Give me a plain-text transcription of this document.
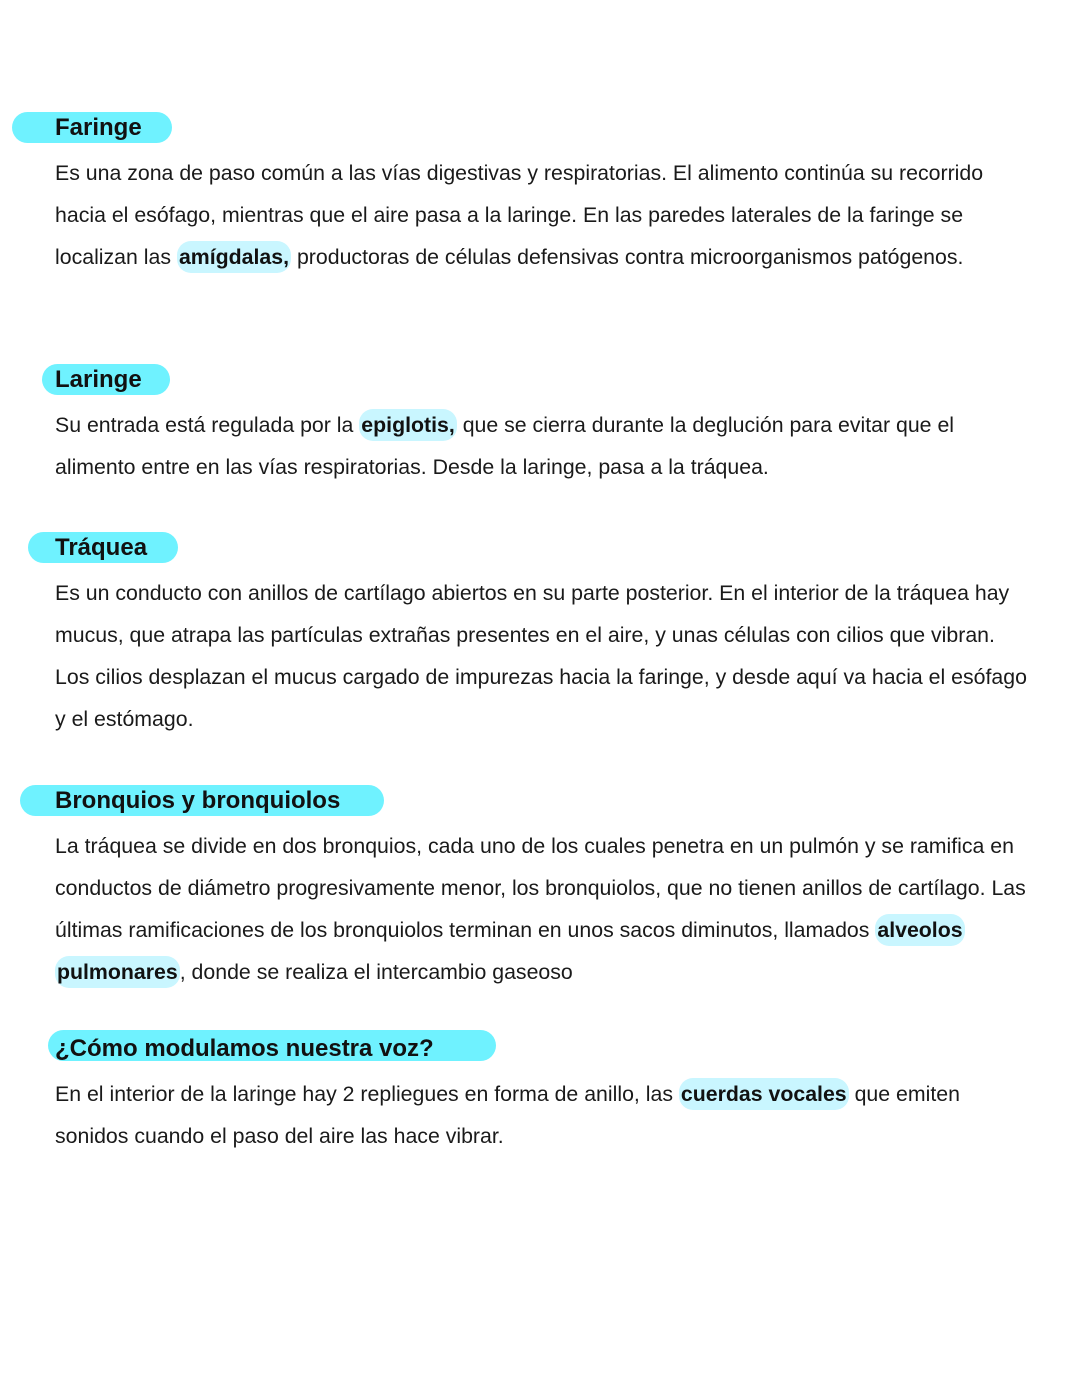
Faringe

Es una zona de paso común a las vías digestivas y respiratorias. El alimento continúa su recorrido hacia el esófago, mientras que el aire pasa a la laringe. En las paredes laterales de la faringe se localizan las amígdalas, productoras de células defensivas contra microorganismos patógenos.

Laringe

Su entrada está regulada por la epiglotis, que se cierra durante la deglución para evitar que el alimento entre en las vías respiratorias. Desde la laringe, pasa a la tráquea.

Tráquea

Es un conducto con anillos de cartílago abiertos en su parte posterior. En el interior de la tráquea hay mucus, que atrapa las partículas extrañas presentes en el aire, y unas células con cilios que vibran. Los cilios desplazan el mucus cargado de impurezas hacia la faringe, y desde aquí va hacia el esófago y el estómago.

Bronquios y bronquiolos

La tráquea se divide en dos bronquios, cada uno de los cuales penetra en un pulmón y se ramifica en conductos de diámetro progresivamente menor, los bronquiolos, que no tienen anillos de cartílago. Las últimas ramificaciones de los bronquiolos terminan en unos sacos diminutos, llamados alveolos pulmonares, donde se realiza el intercambio gaseoso

¿Cómo modulamos nuestra voz?

En el interior de la laringe hay 2 repliegues en forma de anillo, las cuerdas vocales que emiten sonidos cuando el paso del aire las hace vibrar.
